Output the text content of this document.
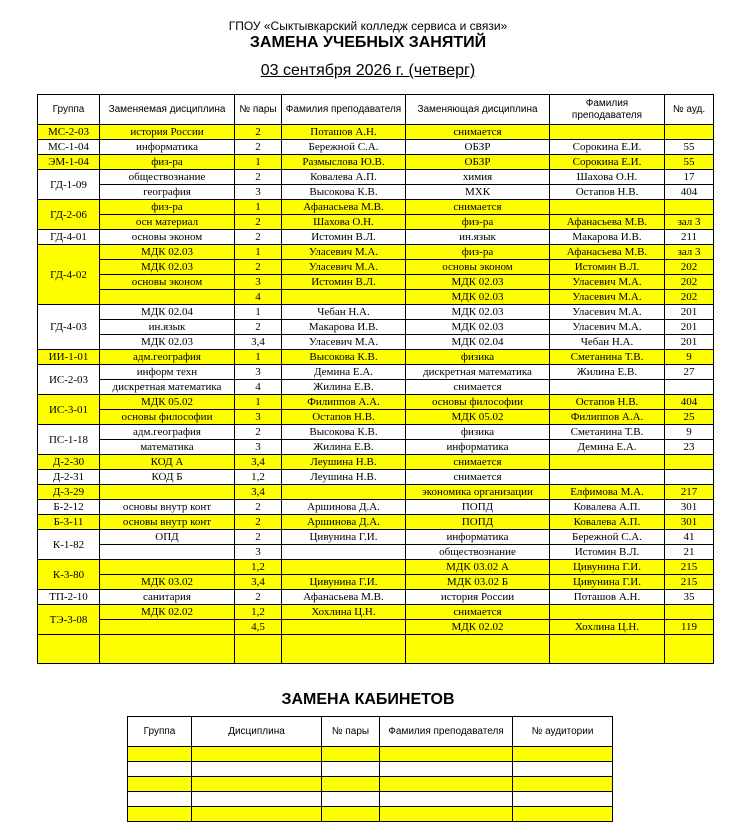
ГПОУ «Сыктывкарский колледж сервиса и связи»
ЗАМЕНА УЧЕБНЫХ ЗАНЯТИЙ
03 сентября 2026 г. (четверг)
Группа	Заменяемая дисциплина	№ пары	Фамилия преподавателя	Заменяющая дисциплина	Фамилия преподавателя	№ ауд.
МС-2-03	история России	2	Поташов А.Н.	снимается		
МС-1-04	информатика	2	Бережной С.А.	ОБЗР	Сорокина Е.И.	55
ЭМ-1-04	физ-ра	1	Размыслова Ю.В.	ОБЗР	Сорокина Е.И.	55
ГД-1-09	обществознание	2	Ковалева А.П.	химия	Шахова О.Н.	17
	география	3	Высокова К.В.	МХК	Остапов Н.В.	404
ГД-2-06	физ-ра	1	Афанасьева М.В.	снимается		
	осн материал	2	Шахова О.Н.	физ-ра	Афанасьева М.В.	зал 3
ГД-4-01	основы эконом	2	Истомин В.Л.	ин.язык	Макарова И.В.	211
ГД-4-02	МДК 02.03	1	Улаcевич М.А.	физ-ра	Афанасьева М.В.	зал 3
	МДК 02.03	2	Улаcевич М.А.	основы эконом	Истомин В.Л.	202
	основы эконом	3	Истомин В.Л.	МДК 02.03	Улаcевич М.А.	202
		4		МДК 02.03	Улаcевич М.А.	202
ГД-4-03	МДК 02.04	1	Чебан Н.А.	МДК 02.03	Улаcевич М.А.	201
	ин.язык	2	Макарова И.В.	МДК 02.03	Улаcевич М.А.	201
	МДК 02.03	3,4	Улаcевич М.А.	МДК 02.04	Чебан Н.А.	201
ИИ-1-01	адм.география	1	Высокова К.В.	физика	Сметанина Т.В.	9
ИС-2-03	информ техн	3	Демина Е.А.	дискретная математика	Жилина Е.В.	27
	дискретная математика	4	Жилина Е.В.	снимается		
ИС-3-01	МДК 05.02	1	Филиппов А.А.	основы философии	Остапов Н.В.	404
	основы философии	3	Остапов Н.В.	МДК 05.02	Филиппов А.А.	25
ПС-1-18	адм.география	2	Высокова К.В.	физика	Сметанина Т.В.	9
	математика	3	Жилина Е.В.	информатика	Демина Е.А.	23
Д-2-30	КОД А	3,4	Леушина Н.В.	снимается		
Д-2-31	КОД Б	1,2	Леушина Н.В.	снимается		
Д-3-29		3,4		экономика организации	Елфимова М.А.	217
Б-2-12	основы внутр конт	2	Аршинова Д.А.	ПОПД	Ковалева А.П.	301
Б-3-11	основы внутр конт	2	Аршинова Д.А.	ПОПД	Ковалева А.П.	301
К-1-82	ОПД	2	Цивунина Г.И.	информатика	Бережной С.А.	41
		3		обществознание	Истомин В.Л.	21
К-3-80		1,2		МДК 03.02 А	Цивунина Г.И.	215
	МДК 03.02	3,4	Цивунина Г.И.	МДК 03.02 Б	Цивунина Г.И.	215
ТП-2-10	санитария	2	Афанасьева М.В.	история России	Поташов А.Н.	35
ТЭ-3-08	МДК 02.02	1,2	Хохлина Ц.Н.	снимается		
		4,5		МДК 02.02	Хохлина Ц.Н.	119

ЗАМЕНА КАБИНЕТОВ
Группа	Дисциплина	№ пары	Фамилия преподавателя	№ аудитории
